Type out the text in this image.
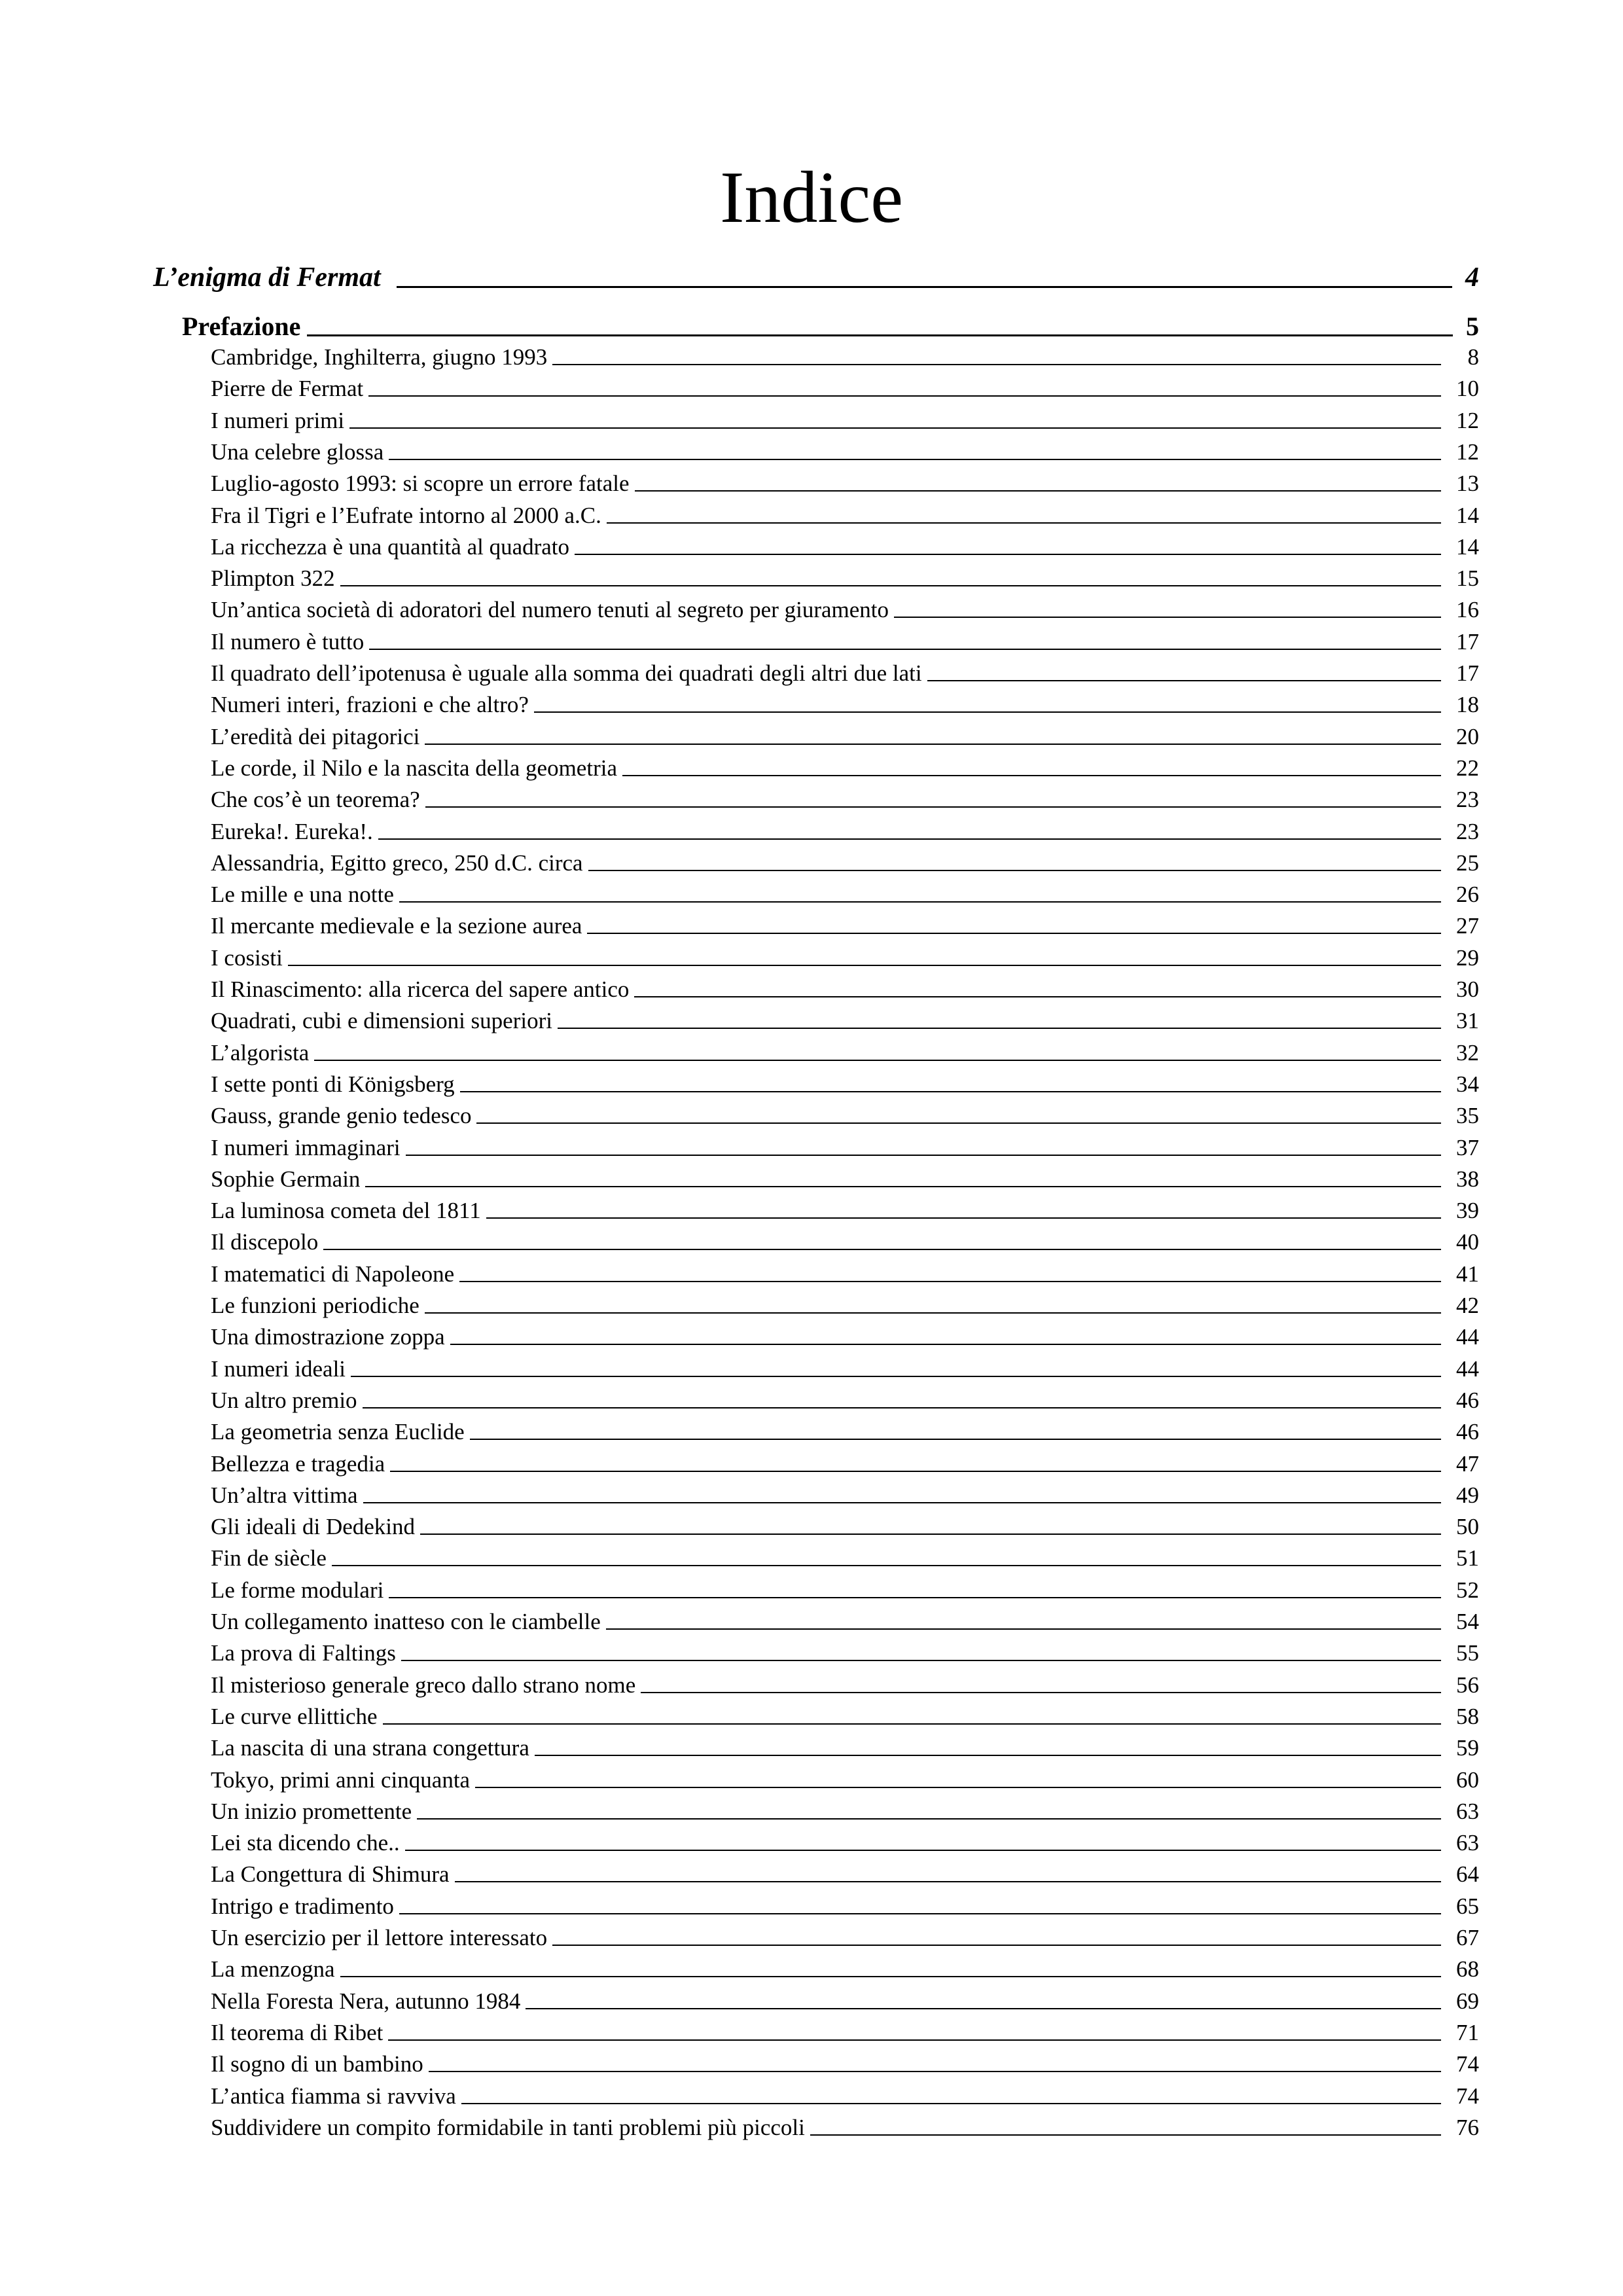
Indice
L’enigma di Fermat	4
Prefazione	5
Cambridge, Inghilterra, giugno 1993	8
Pierre de Fermat	10
I numeri primi	12
Una celebre glossa	12
Luglio-agosto 1993: si scopre un errore fatale	13
Fra il Tigri e l’Eufrate intorno al 2000 a.C.	14
La ricchezza è una quantità al quadrato	14
Plimpton 322	15
Un’antica società di adoratori del numero tenuti al segreto per giuramento	16
Il numero è tutto	17
Il quadrato dell’ipotenusa è uguale alla somma dei quadrati degli altri due lati	17
Numeri interi, frazioni e che altro?	18
L’eredità dei pitagorici	20
Le corde, il Nilo e la nascita della geometria	22
Che cos’è un teorema?	23
Eureka!. Eureka!.	23
Alessandria, Egitto greco, 250 d.C. circa	25
Le mille e una notte	26
Il mercante medievale e la sezione aurea	27
I cosisti	29
Il Rinascimento: alla ricerca del sapere antico	30
Quadrati, cubi e dimensioni superiori	31
L’algorista	32
I sette ponti di Königsberg	34
Gauss, grande genio tedesco	35
I numeri immaginari	37
Sophie Germain	38
La luminosa cometa del 1811	39
Il discepolo	40
I matematici di Napoleone	41
Le funzioni periodiche	42
Una dimostrazione zoppa	44
I numeri ideali	44
Un altro premio	46
La geometria senza Euclide	46
Bellezza e tragedia	47
Un’altra vittima	49
Gli ideali di Dedekind	50
Fin de siècle	51
Le forme modulari	52
Un collegamento inatteso con le ciambelle	54
La prova di Faltings	55
Il misterioso generale greco dallo strano nome	56
Le curve ellittiche	58
La nascita di una strana congettura	59
Tokyo, primi anni cinquanta	60
Un inizio promettente	63
Lei sta dicendo che..	63
La Congettura di Shimura	64
Intrigo e tradimento	65
Un esercizio per il lettore interessato	67
La menzogna	68
Nella Foresta Nera, autunno 1984	69
Il teorema di Ribet	71
Il sogno di un bambino	74
L’antica fiamma si ravviva	74
Suddividere un compito formidabile in tanti problemi più piccoli	76
